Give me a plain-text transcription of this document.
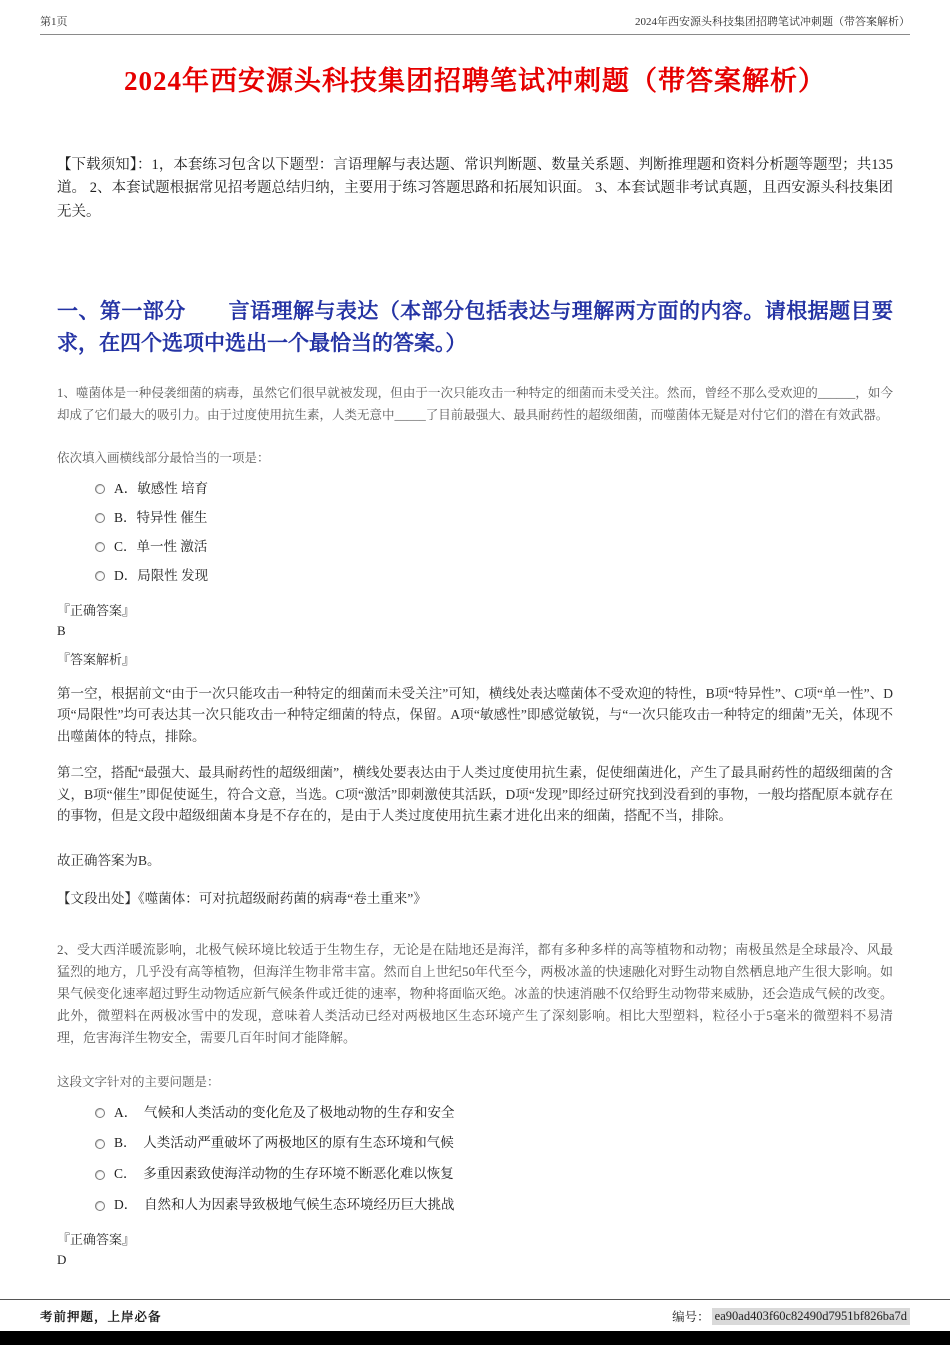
第1页	2024年西安源头科技集团招聘笔试冲刺题（带答案解析）
2024年西安源头科技集团招聘笔试冲刺题（带答案解析）

【下载须知】：1，本套练习包含以下题型：言语理解与表达题、常识判断题、数量关系题、判断推理题和资料分析题等题型；共135道。 2、本套试题根据常见招考题总结归纳，主要用于练习答题思路和拓展知识面。 3、本套试题非考试真题，且西安源头科技集团无关。

一、第一部分　　言语理解与表达（本部分包括表达与理解两方面的内容。请根据题目要求，在四个选项中选出一个最恰当的答案。）

1、噬菌体是一种侵袭细菌的病毒，虽然它们很早就被发现，但由于一次只能攻击一种特定的细菌而未受关注。然而，曾经不那么受欢迎的______，如今却成了它们最大的吸引力。由于过度使用抗生素，人类无意中_____了目前最强大、最具耐药性的超级细菌，而噬菌体无疑是对付它们的潜在有效武器。

依次填入画横线部分最恰当的一项是：

A．敏感性 培育
B．特异性 催生
C．单一性 激活
D．局限性 发现

『正确答案』

B

『答案解析』

第一空，根据前文“由于一次只能攻击一种特定的细菌而未受关注”可知，横线处表达噬菌体不受欢迎的特性，B项“特异性”、C项“单一性”、D项“局限性”均可表达其一次只能攻击一种特定细菌的特点，保留。A项“敏感性”即感觉敏锐，与“一次只能攻击一种特定的细菌”无关，体现不出噬菌体的特点，排除。

第二空，搭配“最强大、最具耐药性的超级细菌”，横线处要表达由于人类过度使用抗生素，促使细菌进化，产生了最具耐药性的超级细菌的含义，B项“催生”即促使诞生，符合文意，当选。C项“激活”即刺激使其活跃，D项“发现”即经过研究找到没看到的事物，一般均搭配原本就存在的事物，但是文段中超级细菌本身是不存在的，是由于人类过度使用抗生素才进化出来的细菌，搭配不当，排除。

故正确答案为B。

【文段出处】《噬菌体：可对抗超级耐药菌的病毒“卷土重来”》

2、受大西洋暖流影响，北极气候环境比较适于生物生存，无论是在陆地还是海洋，都有多种多样的高等植物和动物；南极虽然是全球最冷、风最猛烈的地方，几乎没有高等植物，但海洋生物非常丰富。然而自上世纪50年代至今，两极冰盖的快速融化对野生动物自然栖息地产生很大影响。如果气候变化速率超过野生动物适应新气候条件或迁徙的速率，物种将面临灭绝。冰盖的快速消融不仅给野生动物带来威胁，还会造成气候的改变。此外，微塑料在两极冰雪中的发现，意味着人类活动已经对两极地区生态环境产生了深刻影响。相比大型塑料，粒径小于5毫米的微塑料不易清理，危害海洋生物安全，需要几百年时间才能降解。

这段文字针对的主要问题是：

A．　气候和人类活动的变化危及了极地动物的生存和安全
B．　人类活动严重破坏了两极地区的原有生态环境和气候
C．　多重因素致使海洋动物的生存环境不断恶化难以恢复
D．　自然和人为因素导致极地气候生态环境经历巨大挑战

『正确答案』

D

考前押题，上岸必备	编号： ea90ad403f60c82490d7951bf826ba7d
